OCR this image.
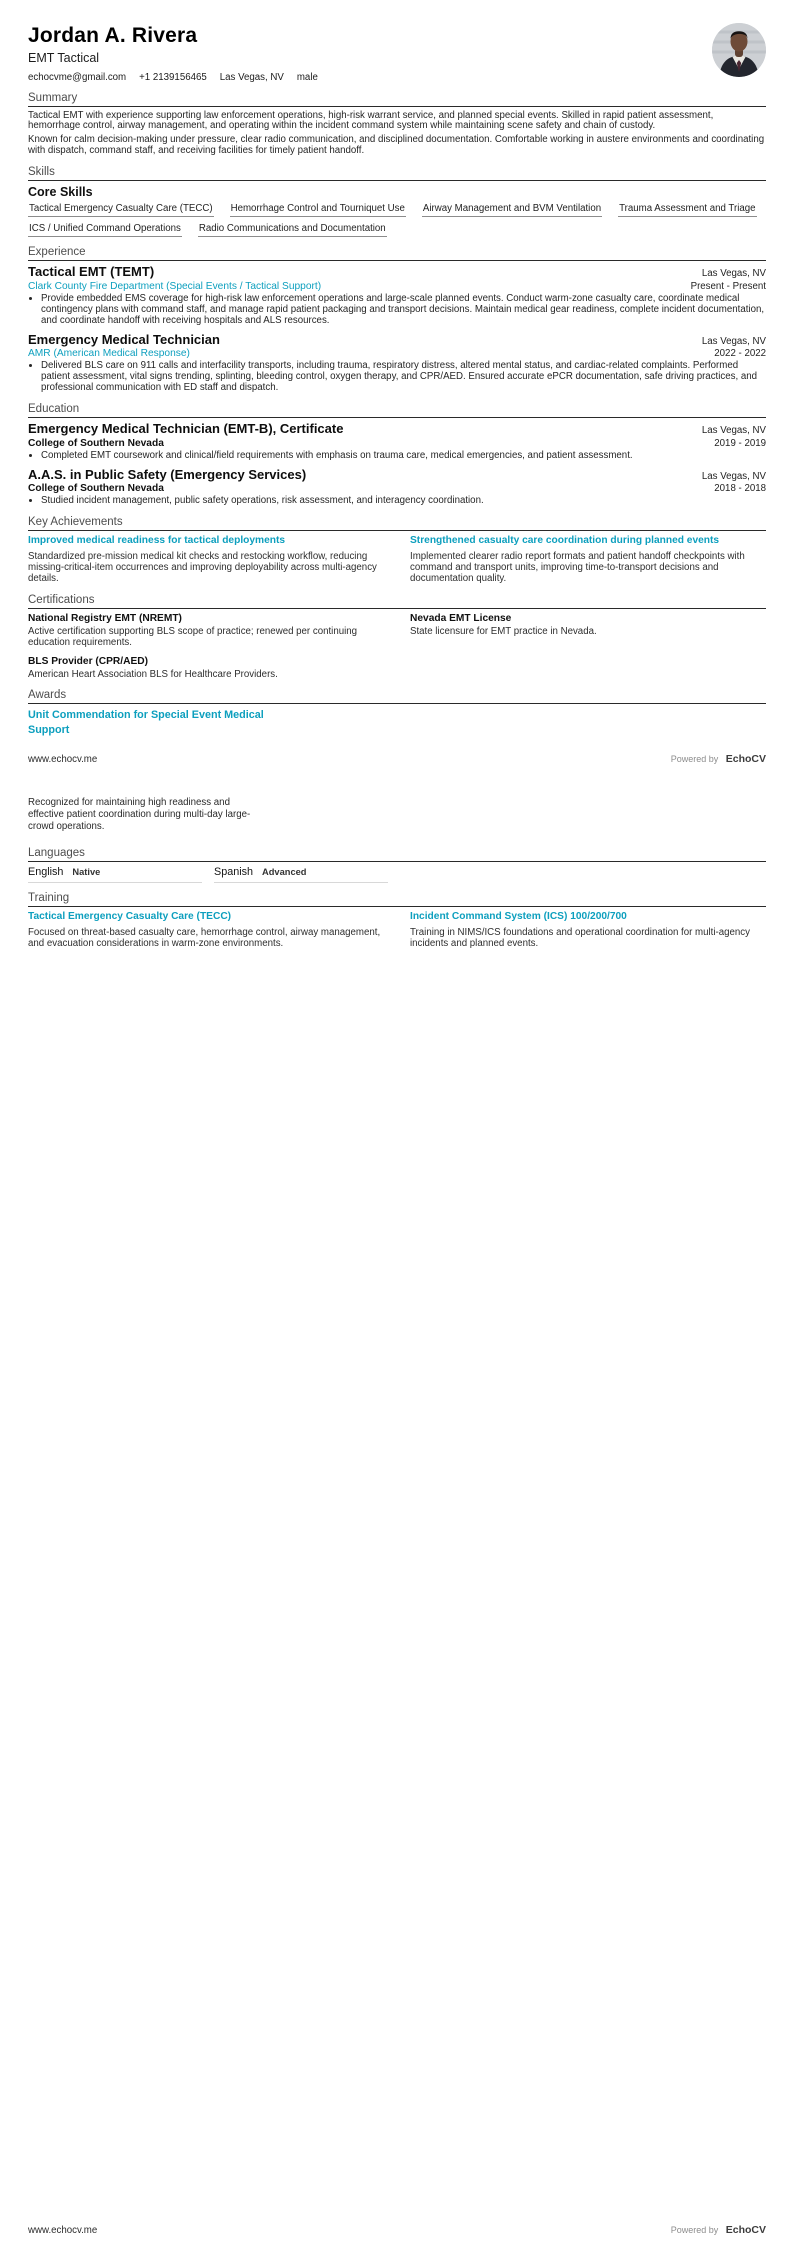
Jordan A. Rivera
EMT Tactical
echocvme@gmail.com +1 2139156465 Las Vegas, NV male
Summary

Tactical EMT with experience supporting law enforcement operations, high-risk warrant service, and planned special events. Skilled in rapid patient assessment, hemorrhage control, airway management, and operating within the incident command system while maintaining scene safety and chain of custody.

Known for calm decision-making under pressure, clear radio communication, and disciplined documentation. Comfortable working in austere environments and coordinating with dispatch, command staff, and receiving facilities for timely patient handoff.

Skills
Core Skills
Tactical Emergency Casualty Care (TECC) Hemorrhage Control and Tourniquet Use Airway Management and BVM Ventilation Trauma Assessment and Triage
ICS / Unified Command Operations Radio Communications and Documentation
Experience
Tactical EMT (TEMT)	Las Vegas, NV
Clark County Fire Department (Special Events / Tactical Support)	Present - Present
• Provide embedded EMS coverage for high-risk law enforcement operations and large-scale planned events. Conduct warm-zone casualty care, coordinate medical contingency plans with command staff, and manage rapid patient packaging and transport decisions. Maintain medical gear readiness, complete incident documentation, and coordinate handoff with receiving hospitals and ALS resources.
Emergency Medical Technician	Las Vegas, NV
AMR (American Medical Response)	2022 - 2022
• Delivered BLS care on 911 calls and interfacility transports, including trauma, respiratory distress, altered mental status, and cardiac-related complaints. Performed patient assessment, vital signs trending, splinting, bleeding control, oxygen therapy, and CPR/AED. Ensured accurate ePCR documentation, safe driving practices, and professional communication with ED staff and dispatch.
Education
Emergency Medical Technician (EMT-B), Certificate	Las Vegas, NV
College of Southern Nevada	2019 - 2019
• Completed EMT coursework and clinical/field requirements with emphasis on trauma care, medical emergencies, and patient assessment.
A.A.S. in Public Safety (Emergency Services)	Las Vegas, NV
College of Southern Nevada	2018 - 2018
• Studied incident management, public safety operations, risk assessment, and interagency coordination.
Key Achievements
Improved medical readiness for tactical deployments
Standardized pre-mission medical kit checks and restocking workflow, reducing missing-critical-item occurrences and improving deployability across multi-agency details.
Strengthened casualty care coordination during planned events
Implemented clearer radio report formats and patient handoff checkpoints with command and transport units, improving time-to-transport decisions and documentation quality.
Certifications
National Registry EMT (NREMT)
Active certification supporting BLS scope of practice; renewed per continuing education requirements.
Nevada EMT License
State licensure for EMT practice in Nevada.
BLS Provider (CPR/AED)
American Heart Association BLS for Healthcare Providers.
Awards
Unit Commendation for Special Event Medical Support
www.echocv.me	Powered by EchoCV

Recognized for maintaining high readiness and effective patient coordination during multi-day large-crowd operations.

Languages
English Native	Spanish Advanced
Training
Tactical Emergency Casualty Care (TECC)
Focused on threat-based casualty care, hemorrhage control, airway management, and evacuation considerations in warm-zone environments.
Incident Command System (ICS) 100/200/700
Training in NIMS/ICS foundations and operational coordination for multi-agency incidents and planned events.
www.echocv.me	Powered by EchoCV
